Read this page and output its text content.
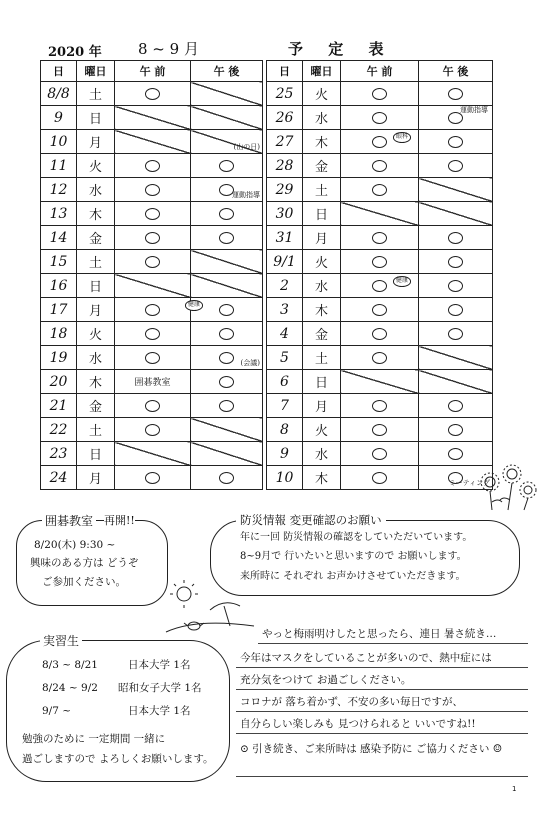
2020 年 8 ~ 9 月	予 定 表
日	曜日	午 前	午 後
8/8	土		
9	日		
10	月		(山の日)

11	火		
12	水		運動指導

13	木		
14	金		
15	土		
16	日		
17	月		健康

18	火		
19	水		(会議)

20	木	囲碁教室	
21	金		
22	土		
23	日		
24	月		
日	曜日	午 前	午 後
25	火		
26	水		運動指導

27	木	眼科	

28	金		
29	土		
30	日		
31	月		
9/1	火		
2	水	健康	

3	木		
4	金		
5	土		
6	日		
7	月		
8	火		
9	水		
10	木		ミーティング
囲碁教室 再開!!
8/20(木) 9:30 ~
興味のある方は どうぞ
ご参加ください。
防災情報 変更確認のお願い
年に一回 防災情報の確認をしていただいています。
8~9月で 行いたいと思いますので お願いします。
来所時に それぞれ お声かけさせていただきます。
実習生
8/3 ~ 8/21	日本大学 1名
8/24 ~ 9/2 昭和女子大学 1名
9/7 ~	日本大学 1名
勉強のために 一定期間 一緒に
過ごしますので よろしくお願いします。
やっと梅雨明けしたと思ったら、連日 暑さ続き…
今年はマスクをしていることが多いので、熱中症には
充分気をつけて お過ごしください。
コロナが 落ち着かず、不安の多い毎日ですが、
自分らしい楽しみも 見つけられると いいですね!!
⊙ 引き続き、ご来所時は 感染予防に ご協力ください ☺
1
